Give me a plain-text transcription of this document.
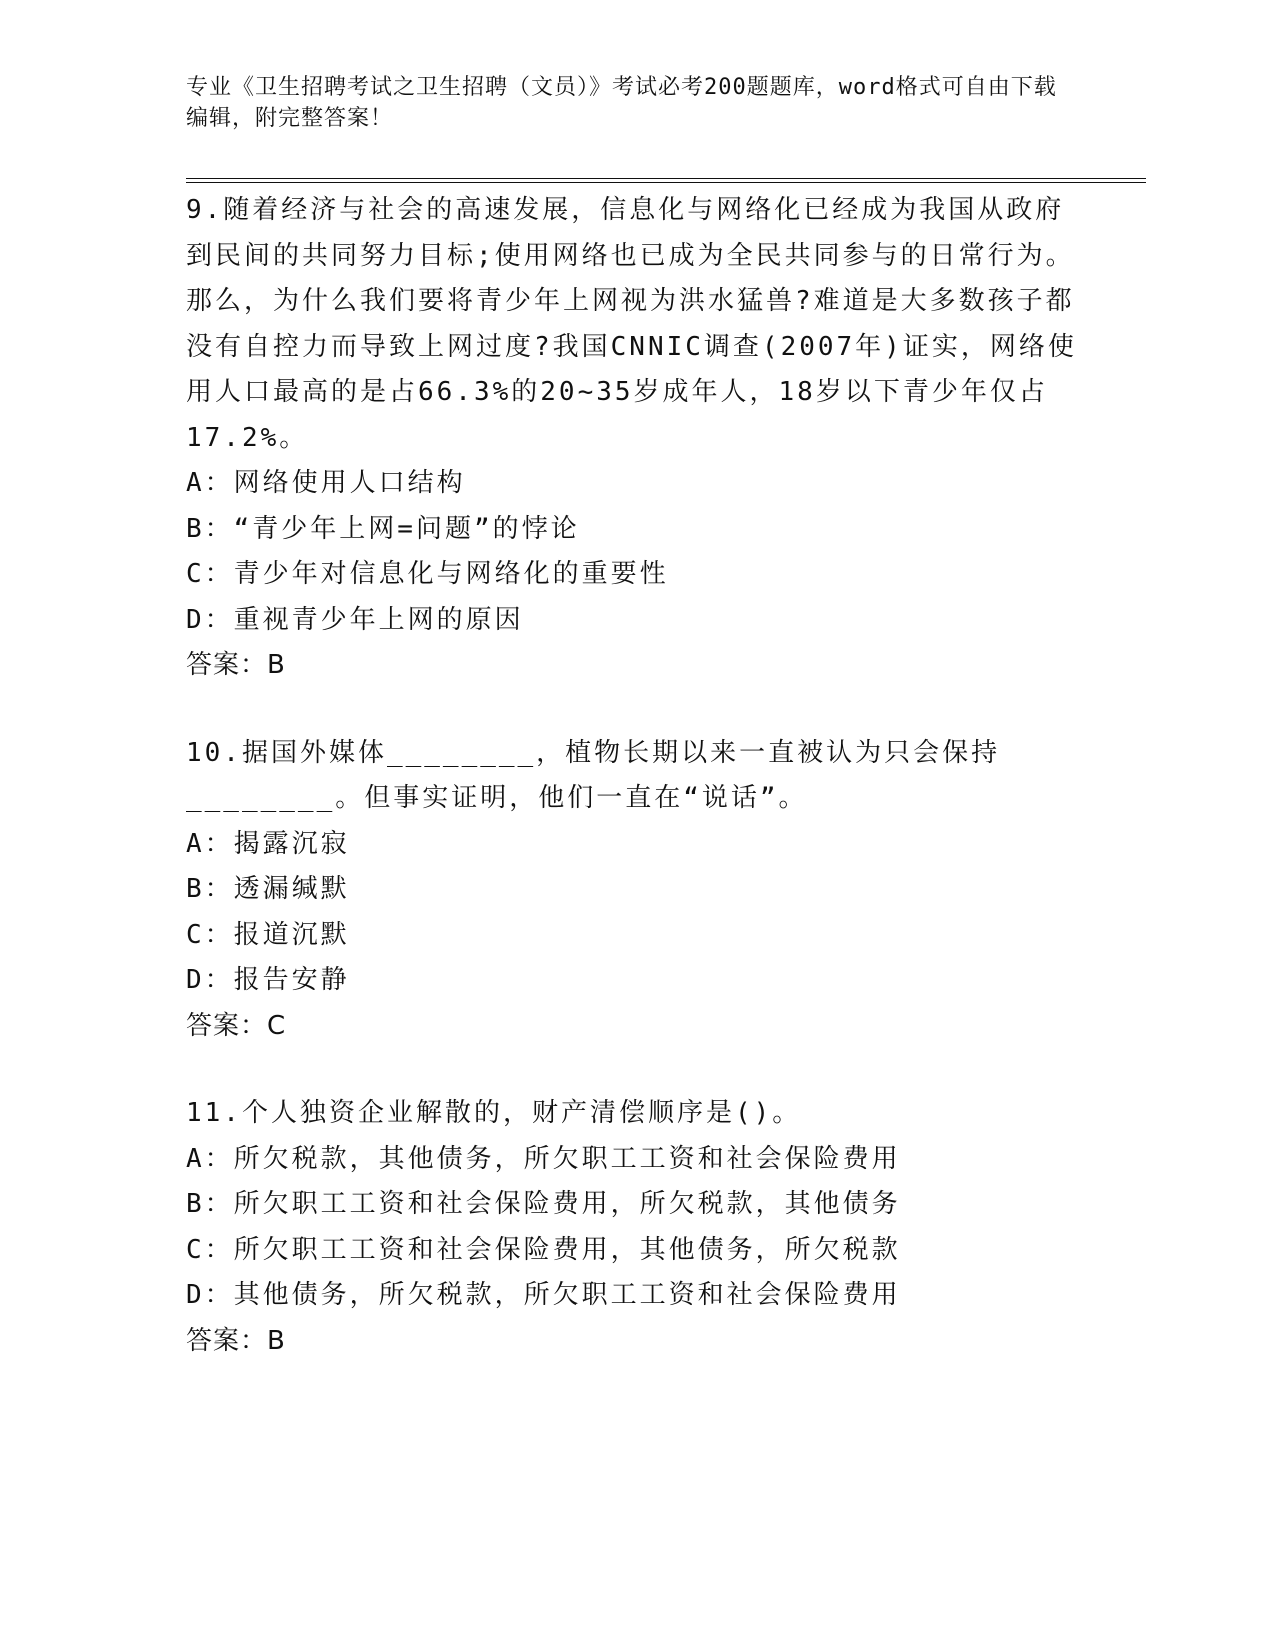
专业《卫生招聘考试之卫生招聘（文员）》考试必考200题题库，word格式可自由下载编辑，附完整答案！
9.随着经济与社会的高速发展，信息化与网络化已经成为我国从政府到民间的共同努力目标;使用网络也已成为全民共同参与的日常行为。那么，为什么我们要将青少年上网视为洪水猛兽?难道是大多数孩子都没有自控力而导致上网过度?我国CNNIC调查(2007年)证实，网络使用人口最高的是占66.3%的20~35岁成年人，18岁以下青少年仅占17.2%。
A：网络使用人口结构
B：“青少年上网=问题”的悖论
C：青少年对信息化与网络化的重要性
D：重视青少年上网的原因
答案：B
10.据国外媒体________，植物长期以来一直被认为只会保持________。但事实证明，他们一直在“说话”。
A：揭露沉寂
B：透漏缄默
C：报道沉默
D：报告安静
答案：C
11.个人独资企业解散的，财产清偿顺序是()。
A：所欠税款，其他债务，所欠职工工资和社会保险费用
B：所欠职工工资和社会保险费用，所欠税款，其他债务
C：所欠职工工资和社会保险费用，其他债务，所欠税款
D：其他债务，所欠税款，所欠职工工资和社会保险费用
答案：B
